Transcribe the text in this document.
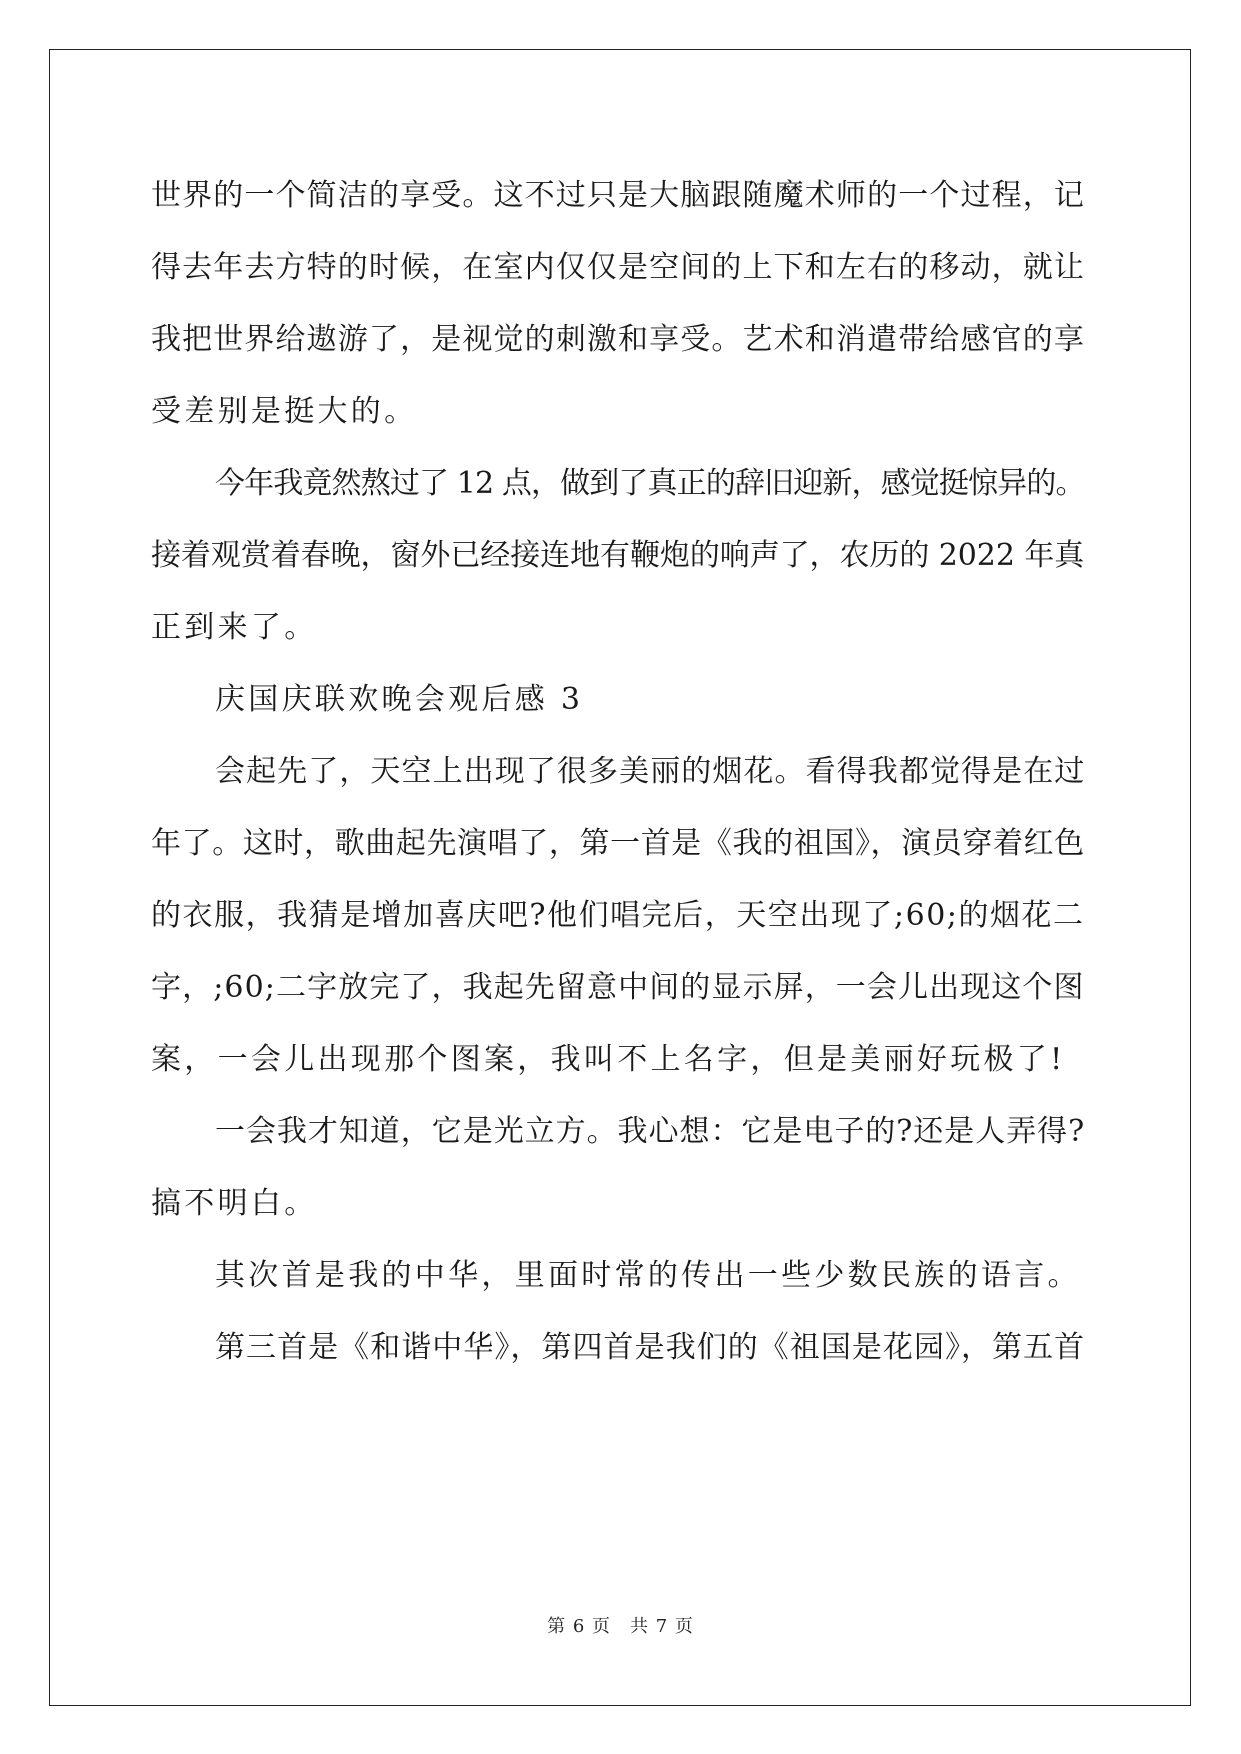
世界的一个简洁的享受。这不过只是大脑跟随魔术师的一个过程，记
得去年去方特的时候，在室内仅仅是空间的上下和左右的移动，就让
我把世界给遨游了，是视觉的刺激和享受。艺术和消遣带给感官的享
受差别是挺大的。
今年我竟然熬过了 12 点，做到了真正的辞旧迎新，感觉挺惊异的。
接着观赏着春晚，窗外已经接连地有鞭炮的响声了，农历的 2022 年真
正到来了。
庆国庆联欢晚会观后感 3
会起先了，天空上出现了很多美丽的烟花。看得我都觉得是在过
年了。这时，歌曲起先演唱了，第一首是《我的祖国》，演员穿着红色
的衣服，我猜是增加喜庆吧?他们唱完后，天空出现了;60;的烟花二
字，;60;二字放完了，我起先留意中间的显示屏，一会儿出现这个图
案，一会儿出现那个图案，我叫不上名字，但是美丽好玩极了!
一会我才知道，它是光立方。我心想：它是电子的?还是人弄得?
搞不明白。
其次首是我的中华，里面时常的传出一些少数民族的语言。
第三首是《和谐中华》，第四首是我们的《祖国是花园》，第五首
第 6 页　共 7 页
